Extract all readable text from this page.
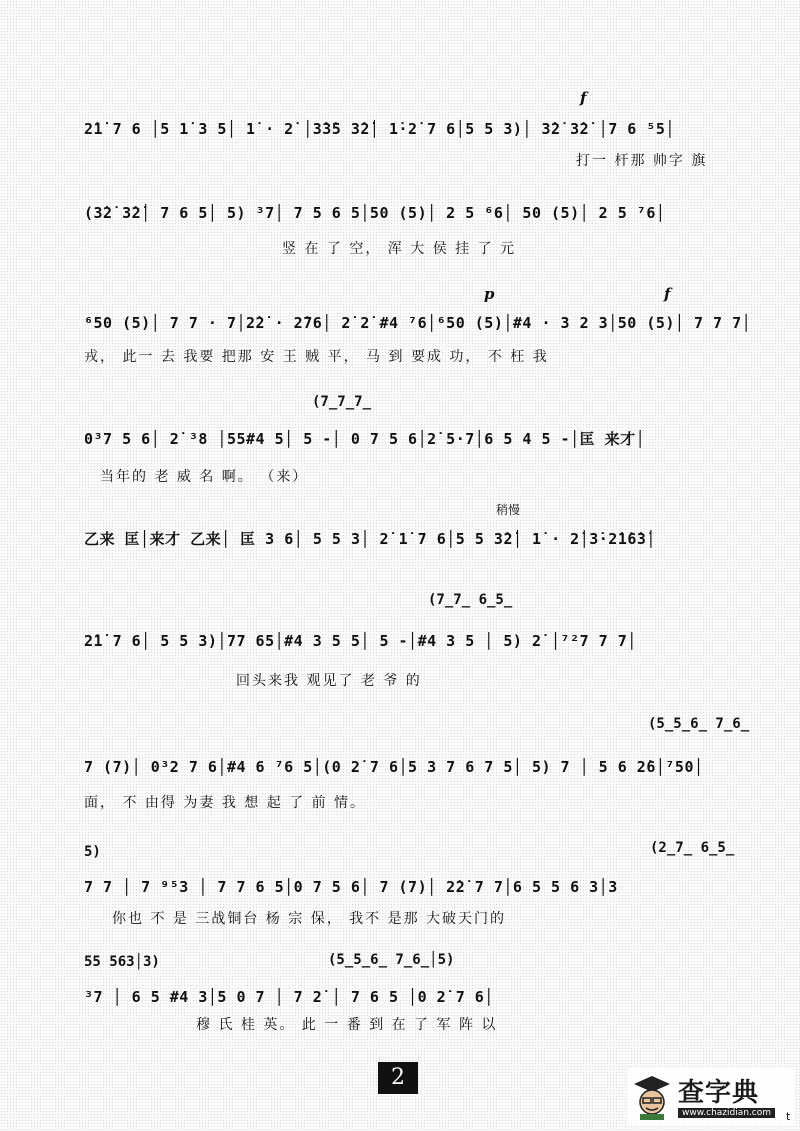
f
2̇1̇ 7 6 │5 1̇ 3 5│ 1̇ · 2̇ │3̇3̇5 3̇2̇│ 1̇·2̇ 7 6│5 5 3)│ 3̇2̇ 3̇2̇ │7 6 ⁵5│
打一 杆那 帅字 旗
(3̇2̇ 3̇2̇│ 7 6 5│ 5) ³7│ 7 5 6 5│50 (5)│ 2 5 ⁶6│ 50 (5)│ 2 5 ⁷6│
竖 在 了 空， 浑 大 侯 挂 了 元
p	f
⁶50 (5)│ 7 7 · 7│2̇2̇ · 2̇76│ 2̇ 2̇ #4 ⁷6│⁶50 (5)│#4 · 3 2 3│50 (5)│ 7 7 7│
戎， 此一 去 我要 把那 安 王 贼 平， 马 到 要成 功， 不 枉 我
(7̲7̲7̲
0³7 5 6│ 2̇ ³8 │55#4 5│ 5 -│ 0 7 5 6│2̇ 5·7│6 5 4 5 -│匡 来才│
当年的 老 威 名 啊。 （来）
稍慢
乙来 匡│来才 乙来│ 匡 3 6│ 5 5 3│ 2̇ 1̇ 7 6│5 5 3̇2̇│ 1̇ · 2̇│3̇·2̇1̇6̇3̇│
(7̲7̲ 6̲5̲
2̇1̇ 7 6│ 5 5 3)│77 65│#4 3 5 5│ 5 -│#4 3 5 │ 5) 2̇ │⁷²7 7 7│
回头来我 观见了 老 爷 的
(5̲5̲6̲ 7̲6̲
7 (7)│ 0³2 7 6│#4 6 ⁷6 5│(0 2̇ 7 6│5 3 7 6 7 5│ 5) 7 │ 5 6 2̇6│⁷50│
面， 不 由得 为妻 我 想 起 了 前 情。
5)	(2̲7̲ 6̲5̲
7 7 │ 7 ⁹⁵3 │ 7 7 6 5│0 7 5 6│ 7 (7)│ 2̇2̇ 7 7│6 5 5 6 3│3
你也 不 是 三战铜台 杨 宗 保， 我不 是那 大破天门的
55 563│3)	(5̲5̲6̲ 7̲6̲│5)
³7 │ 6 5 #4 3│5 0 7 │ 7 2̇ │ 7 6 5 │0 2̇ 7 6│
穆 氏 桂 英。 此 一 番 到 在 了 军 阵 以
2
查字典
www.chazidian.com	t
